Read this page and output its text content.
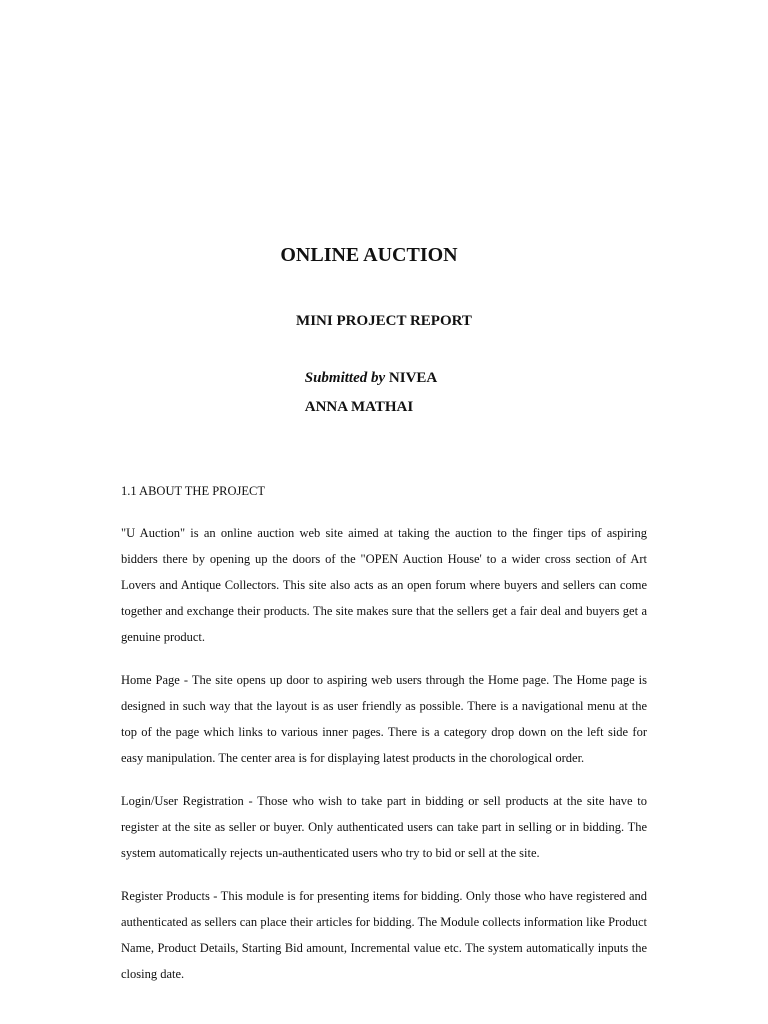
ONLINE AUCTION
MINI PROJECT REPORT

Submitted by NIVEA

ANNA MATHAI

1.1 ABOUT THE PROJECT

"U Auction" is an online auction web site aimed at taking the auction to the finger tips of aspiring bidders there by opening up the doors of the "OPEN Auction House' to a wider cross section of Art Lovers and Antique Collectors. This site also acts as an open forum where buyers and sellers can come together and exchange their products. The site makes sure that the sellers get a fair deal and buyers get a genuine product.

Home Page - The site opens up door to aspiring web users through the Home page. The Home page is designed in such way that the layout is as user friendly as possible. There is a navigational menu at the top of the page which links to various inner pages. There is a category drop down on the left side for easy manipulation. The center area is for displaying latest products in the chorological order.

Login/User Registration - Those who wish to take part in bidding or sell products at the site have to register at the site as seller or buyer. Only authenticated users can take part in selling or in bidding. The system automatically rejects un-authenticated users who try to bid or sell at the site.

Register Products - This module is for presenting items for bidding. Only those who have registered and authenticated as sellers can place their articles for bidding. The Module collects information like Product Name, Product Details, Starting Bid amount, Incremental value etc. The system automatically inputs the closing date.
